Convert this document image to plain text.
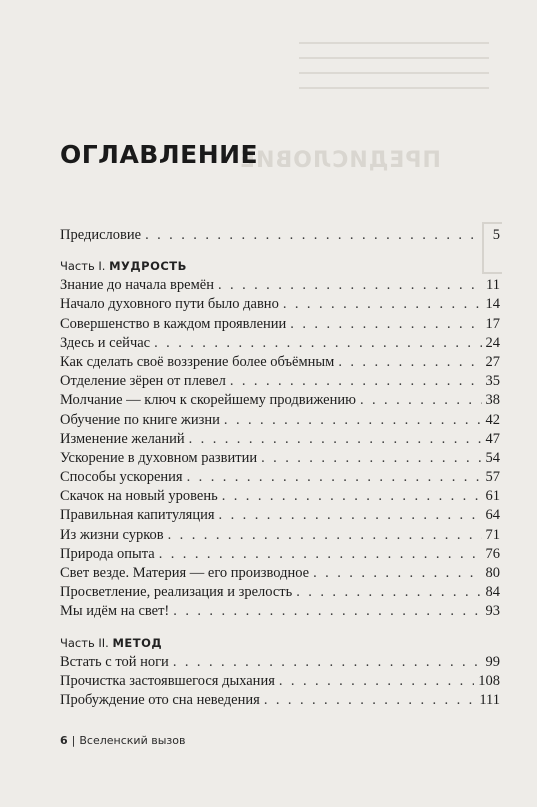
ПРЕДИСЛОВИЕ
ОГЛАВЛЕНИЕ
Предисловие . . .	5
Часть I. МУДРОСТЬ
Знание до начала времён . . .	11
Начало духовного пути было давно . . .	14
Совершенство в каждом проявлении . . .	17
Здесь и сейчас . . .	24
Как сделать своё воззрение более объёмным . . .	27
Отделение зёрен от плевел . . .	35
Молчание — ключ к скорейшему продвижению . . .	38
Обучение по книге жизни . . .	42
Изменение желаний . . .	47
Ускорение в духовном развитии . . .	54
Способы ускорения . . .	57
Скачок на новый уровень . . .	61
Правильная капитуляция . . .	64
Из жизни сурков . . .	71
Природа опыта . . .	76
Свет везде. Материя — его производное . . .	80
Просветление, реализация и зрелость . . .	84
Мы идём на свет! . . .	93
Часть II. МЕТОД
Встать с той ноги . . .	99
Прочистка застоявшегося дыхания . . .	108
Пробуждение ото сна неведения . . .	111
6 | Вселенский вызов
